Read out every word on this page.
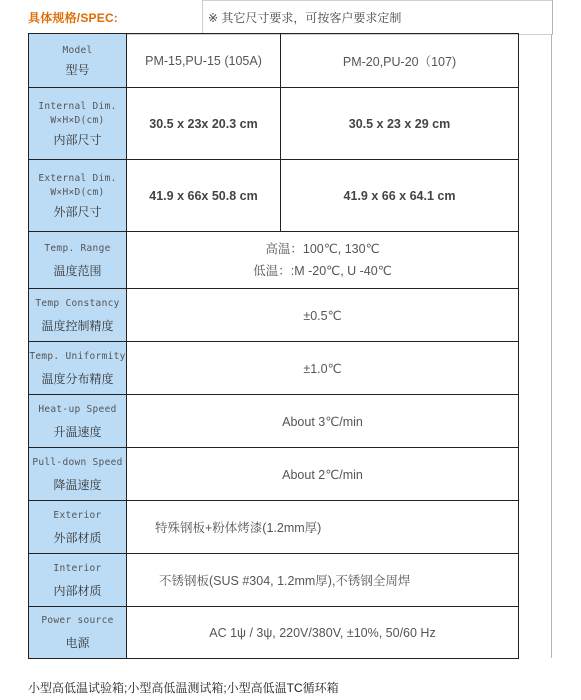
具体规格/SPEC:	※ 其它尺寸要求，可按客户要求定制
Model
型号	PM-15,PU-15 (105A)	PM-20,PU-20（107)

Internal Dim.
W×H×D(cm)
内部尺寸	30.5 x 23x 20.3 cm	30.5 x 23 x 29 cm

External Dim.
W×H×D(cm)
外部尺寸	41.9 x 66x 50.8 cm	41.9 x 66 x 64.1 cm

Temp. Range
温度范围	高温：100℃, 130℃
低温：:M -20℃, U -40℃	

Temp Constancy
温度控制精度	±0.5℃	

Temp. Uniformity
温度分布精度	±1.0℃	

Heat-up Speed
升温速度	About 3℃/min	

Pull-down Speed
降温速度	About 2℃/min	

Exterior
外部材质	特殊钢板+粉体烤漆(1.2mm厚)	

Interior
内部材质	不锈钢板(SUS #304, 1.2mm厚),不锈钢全周焊	

Power source
电源	AC 1ψ / 3ψ, 220V/380V, ±10%, 50/60 Hz	
小型高低温试验箱;小型高低温测试箱;小型高低温TC循环箱
